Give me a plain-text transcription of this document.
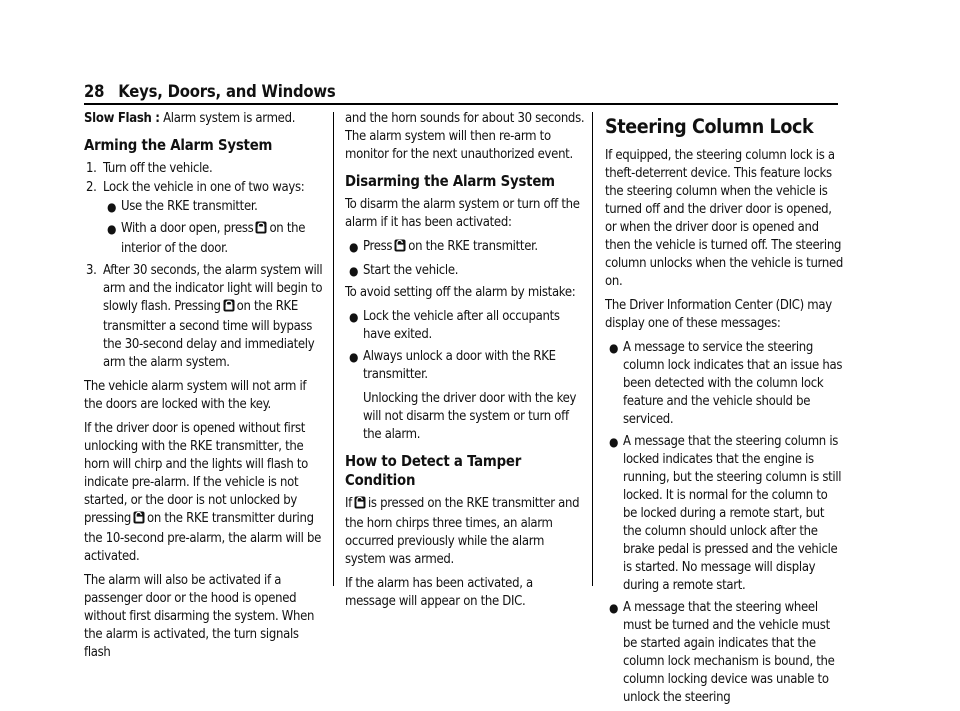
28 Keys, Doors, and Windows

Slow Flash : Alarm system is armed.

Arming the Alarm System
1. Turn off the vehicle.
2. Lock the vehicle in one of two ways:
● Use the RKE transmitter.
● With a door open, press on the interior of the door.
3. After 30 seconds, the alarm system will arm and the indicator light will begin to slowly flash. Pressing on the RKE transmitter a second time will bypass the 30-second delay and immediately arm the alarm system.

The vehicle alarm system will not arm if the doors are locked with the key.

If the driver door is opened without first unlocking with the RKE transmitter, the horn will chirp and the lights will flash to indicate pre-alarm. If the vehicle is not started, or the door is not unlocked by pressing on the RKE transmitter during the 10-second pre-alarm, the alarm will be activated.

The alarm will also be activated if a passenger door or the hood is opened without first disarming the system. When the alarm is activated, the turn signals flash

and the horn sounds for about 30 seconds. The alarm system will then re-arm to monitor for the next unauthorized event.

Disarming the Alarm System

To disarm the alarm system or turn off the alarm if it has been activated:

● Press on the RKE transmitter.
● Start the vehicle.

To avoid setting off the alarm by mistake:

● Lock the vehicle after all occupants have exited.
● Always unlock a door with the RKE transmitter.
Unlocking the driver door with the key will not disarm the system or turn off the alarm.
How to Detect a Tamper Condition

If is pressed on the RKE transmitter and the horn chirps three times, an alarm occurred previously while the alarm system was armed.

If the alarm has been activated, a message will appear on the DIC.

Steering Column Lock

If equipped, the steering column lock is a theft-deterrent device. This feature locks the steering column when the vehicle is turned off and the driver door is opened, or when the driver door is opened and then the vehicle is turned off. The steering column unlocks when the vehicle is turned on.

The Driver Information Center (DIC) may display one of these messages:

● A message to service the steering column lock indicates that an issue has been detected with the column lock feature and the vehicle should be serviced.
● A message that the steering column is locked indicates that the engine is running, but the steering column is still locked. It is normal for the column to be locked during a remote start, but the column should unlock after the brake pedal is pressed and the vehicle is started. No message will display during a remote start.
● A message that the steering wheel must be turned and the vehicle must be started again indicates that the column lock mechanism is bound, the column locking device was unable to unlock the steering
